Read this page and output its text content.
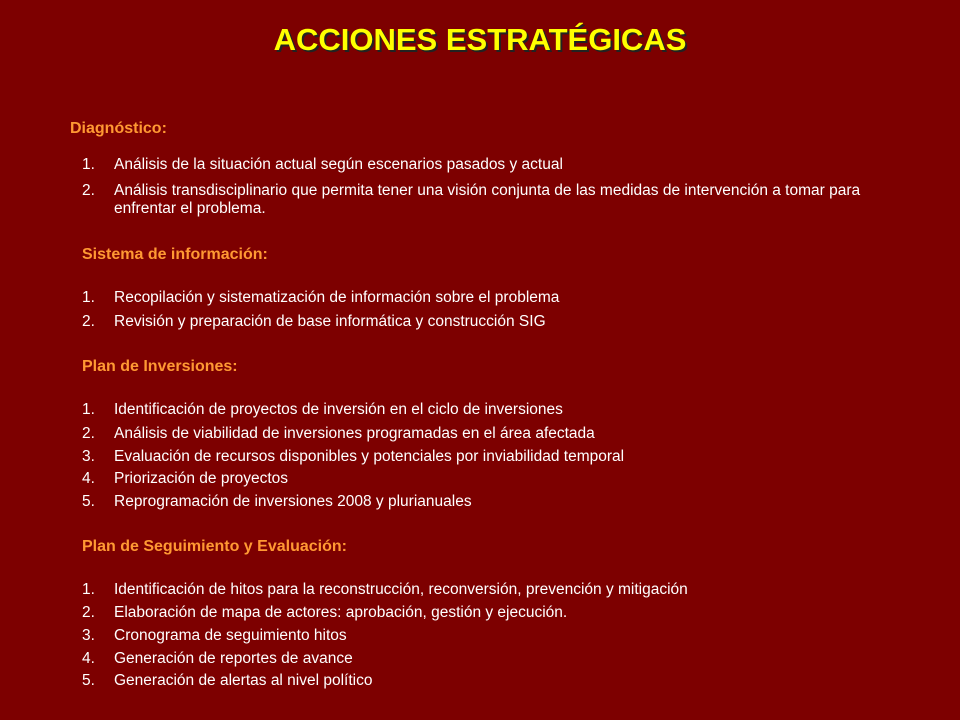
ACCIONES ESTRATÉGICAS
Diagnóstico:
1.	Análisis de la situación actual según escenarios pasados y actual
2.	Análisis transdisciplinario que permita tener una visión conjunta de las medidas de intervención a tomar para enfrentar el problema.
Sistema de información:
1.	Recopilación y sistematización de información sobre el problema
2.	Revisión y preparación de base informática y construcción SIG
Plan de Inversiones:
1.	Identificación de proyectos de inversión en el ciclo de inversiones
2.	Análisis de viabilidad de inversiones programadas en el área afectada
3.	Evaluación de recursos disponibles y potenciales por inviabilidad temporal
4.	Priorización de proyectos
5.	Reprogramación de inversiones 2008 y plurianuales
Plan de Seguimiento y Evaluación:
1.	Identificación de hitos para la reconstrucción, reconversión, prevención y mitigación
2.	Elaboración de mapa de actores: aprobación, gestión y ejecución.
3.	Cronograma de seguimiento hitos
4.	Generación de reportes de avance
5.	Generación de alertas al nivel político
